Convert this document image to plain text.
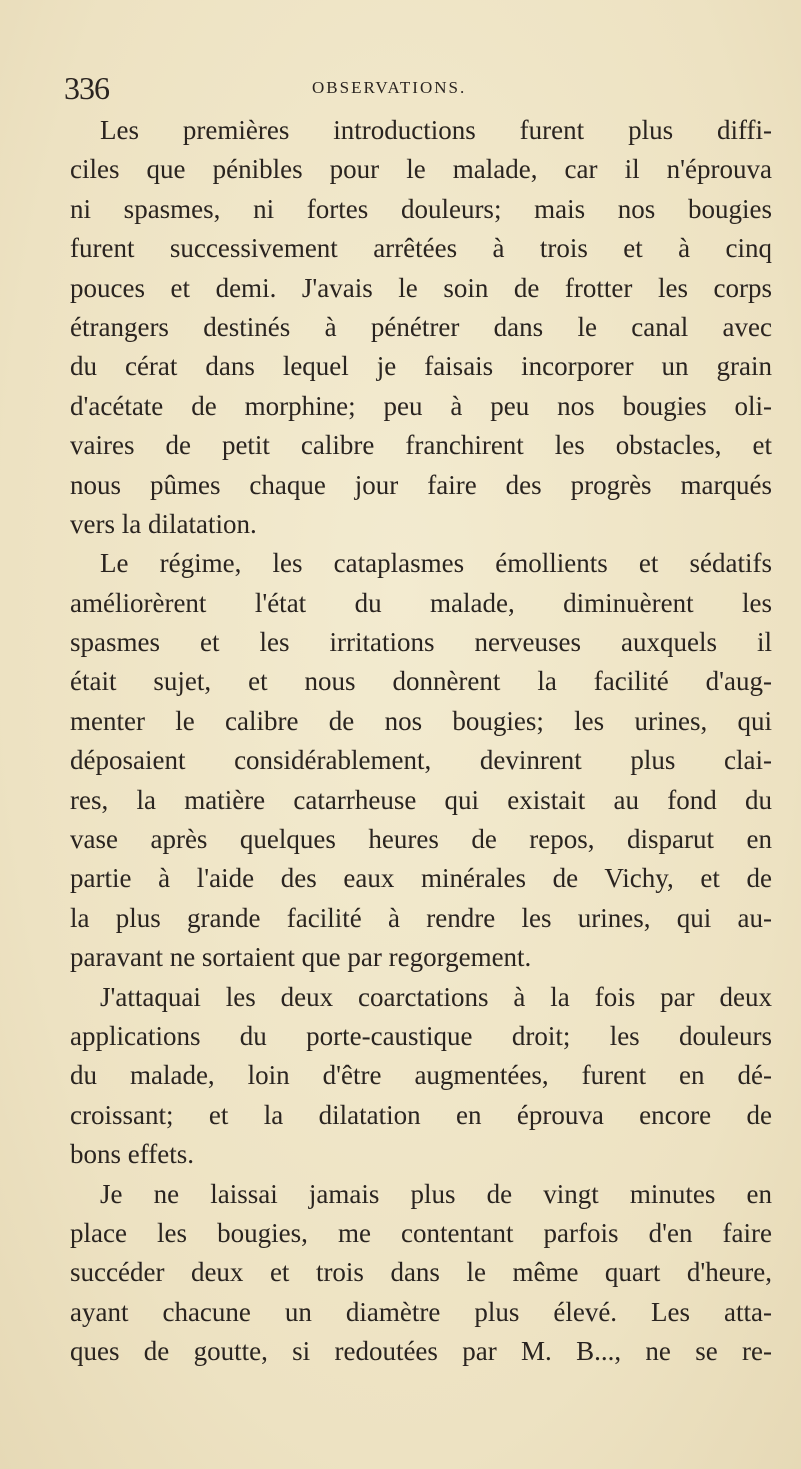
336	OBSERVATIONS.
Les premières introductions furent plus diffi-
ciles que pénibles pour le malade, car il n'éprouva
ni spasmes, ni fortes douleurs; mais nos bougies
furent successivement arrêtées à trois et à cinq
pouces et demi. J'avais le soin de frotter les corps
étrangers destinés à pénétrer dans le canal avec
du cérat dans lequel je faisais incorporer un grain
d'acétate de morphine; peu à peu nos bougies oli-
vaires de petit calibre franchirent les obstacles, et
nous pûmes chaque jour faire des progrès marqués
vers la dilatation.
Le régime, les cataplasmes émollients et sédatifs
améliorèrent l'état du malade, diminuèrent les
spasmes et les irritations nerveuses auxquels il
était sujet, et nous donnèrent la facilité d'aug-
menter le calibre de nos bougies; les urines, qui
déposaient considérablement, devinrent plus clai-
res, la matière catarrheuse qui existait au fond du
vase après quelques heures de repos, disparut en
partie à l'aide des eaux minérales de Vichy, et de
la plus grande facilité à rendre les urines, qui au-
paravant ne sortaient que par regorgement.
J'attaquai les deux coarctations à la fois par deux
applications du porte-caustique droit; les douleurs
du malade, loin d'être augmentées, furent en dé-
croissant; et la dilatation en éprouva encore de
bons effets.
Je ne laissai jamais plus de vingt minutes en
place les bougies, me contentant parfois d'en faire
succéder deux et trois dans le même quart d'heure,
ayant chacune un diamètre plus élevé. Les atta-
ques de goutte, si redoutées par M. B..., ne se re-
